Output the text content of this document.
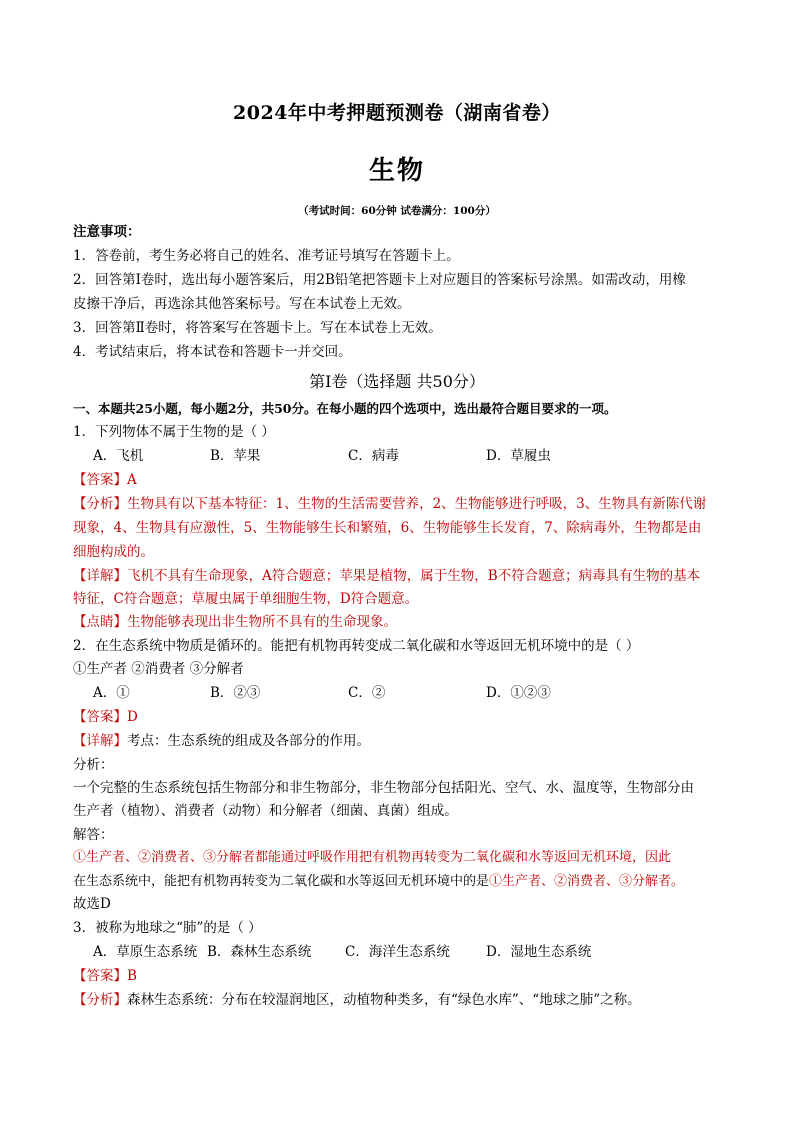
2024年中考押题预测卷（湖南省卷）
生物
（考试时间：60分钟 试卷满分：100分）
注意事项：
1．答卷前，考生务必将自己的姓名、准考证号填写在答题卡上。
2．回答第Ⅰ卷时，选出每小题答案后，用2B铅笔把答题卡上对应题目的答案标号涂黑。如需改动，用橡
皮擦干净后，再选涂其他答案标号。写在本试卷上无效。
3．回答第Ⅱ卷时，将答案写在答题卡上。写在本试卷上无效。
4．考试结束后，将本试卷和答题卡一并交回。
第Ⅰ卷（选择题 共50分）
一、本题共25小题，每小题2分，共50分。在每小题的四个选项中，选出最符合题目要求的一项。
1．下列物体不属于生物的是（ ）
A．飞机	B．苹果	C．病毒	D．草履虫
【答案】A
【分析】生物具有以下基本特征：1、生物的生活需要营养，2、生物能够进行呼吸，3、生物具有新陈代谢
现象，4、生物具有应激性，5、生物能够生长和繁殖，6、生物能够生长发育，7、除病毒外，生物都是由
细胞构成的。
【详解】飞机不具有生命现象，A符合题意；苹果是植物，属于生物，B不符合题意；病毒具有生物的基本
特征，C符合题意；草履虫属于单细胞生物，D符合题意。
【点睛】生物能够表现出非生物所不具有的生命现象。
2．在生态系统中物质是循环的。能把有机物再转变成二氧化碳和水等返回无机环境中的是（ ）
①生产者 ②消费者 ③分解者
A．①	B．②③	C．②	D．①②③
【答案】D
【详解】考点：生态系统的组成及各部分的作用。
分析：
一个完整的生态系统包括生物部分和非生物部分，非生物部分包括阳光、空气、水、温度等，生物部分由
生产者（植物）、消费者（动物）和分解者（细菌、真菌）组成。
解答：
①生产者、②消费者、③分解者都能通过呼吸作用把有机物再转变为二氧化碳和水等返回无机环境，因此
在生态系统中，能把有机物再转变为二氧化碳和水等返回无机环境中的是①生产者、②消费者、③分解者。
故选D
3．被称为地球之“肺”的是（ ）
A．草原生态系统 B．森林生态系统 C．海洋生态系统	D．湿地生态系统
【答案】B
【分析】森林生态系统：分布在较湿润地区，动植物种类多，有“绿色水库”、“地球之肺”之称。
